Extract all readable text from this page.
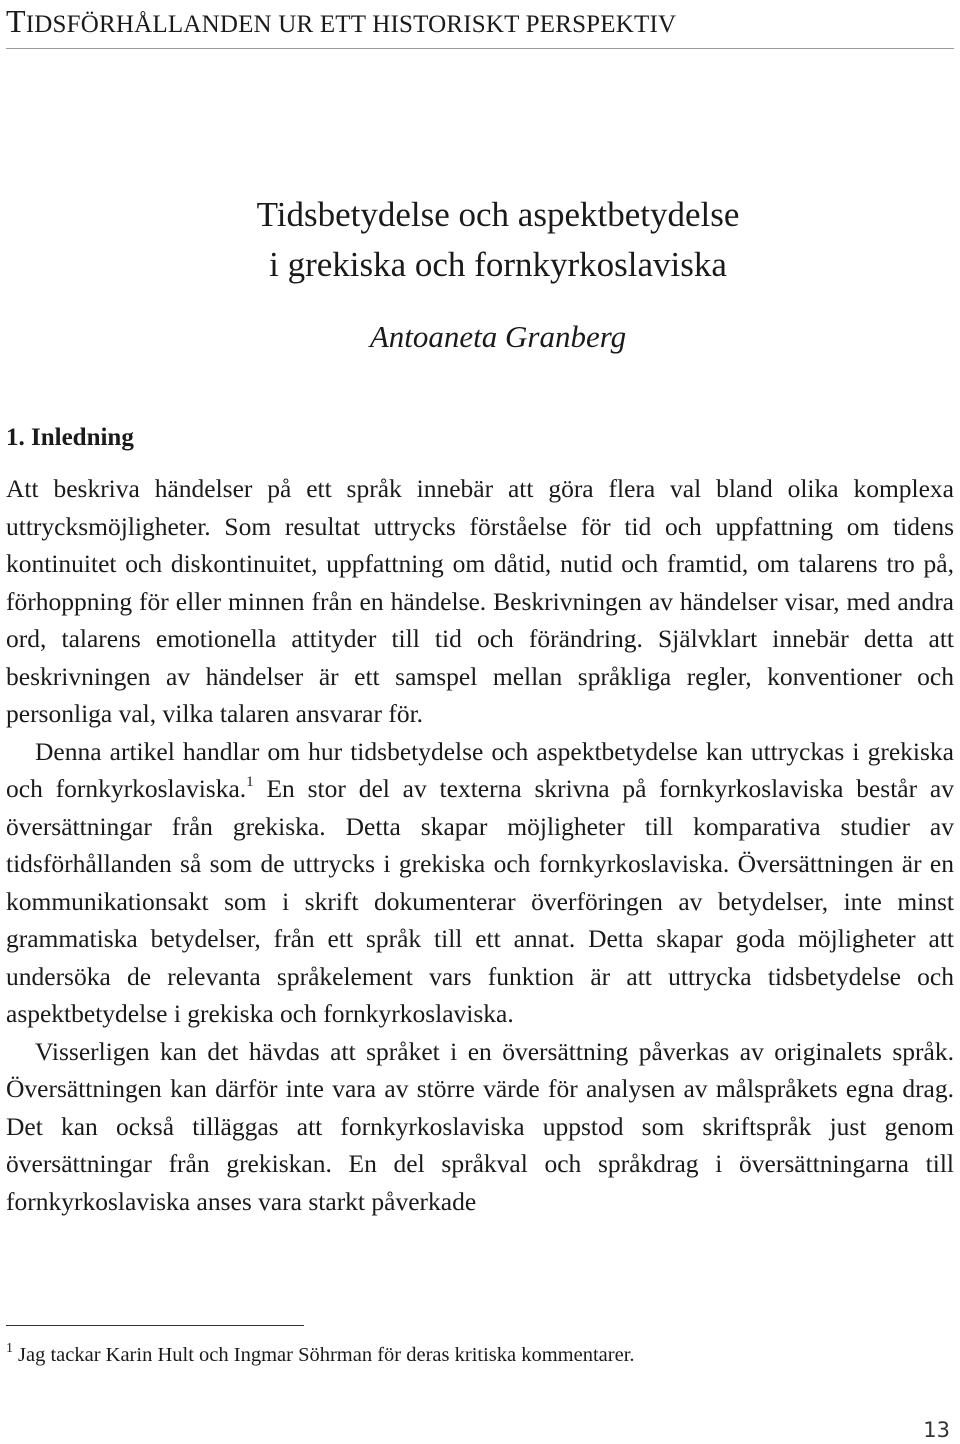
TIDSFÖRHÅLLANDEN UR ETT HISTORISKT PERSPEKTIV
Tidsbetydelse och aspektbetydelse
i grekiska och fornkyrkoslaviska
Antoaneta Granberg
1. Inledning

Att beskriva händelser på ett språk innebär att göra flera val bland olika komplexa uttrycksmöjligheter. Som resultat uttrycks förståelse för tid och uppfattning om tidens kontinuitet och diskontinuitet, uppfattning om dåtid, nutid och framtid, om talarens tro på, förhoppning för eller minnen från en händelse. Beskrivningen av händelser visar, med andra ord, talarens emotionella attityder till tid och förändring. Självklart innebär detta att beskrivningen av händelser är ett samspel mellan språkliga regler, konventioner och personliga val, vilka talaren ansvarar för.

Denna artikel handlar om hur tidsbetydelse och aspektbetydelse kan uttryckas i grekiska och fornkyrkoslaviska.$^1$ En stor del av texterna skrivna på fornkyrkoslaviska består av översättningar från grekiska. Detta skapar möjligheter till komparativa studier av tidsförhållanden så som de uttrycks i grekiska och fornkyrkoslaviska. Översättningen är en kommunikationsakt som i skrift dokumenterar överföringen av betydelser, inte minst grammatiska betydelser, från ett språk till ett annat. Detta skapar goda möjligheter att undersöka de relevanta språkelement vars funktion är att uttrycka tidsbetydelse och aspektbetydelse i grekiska och fornkyrkoslaviska.

Visserligen kan det hävdas att språket i en översättning påverkas av originalets språk. Översättningen kan därför inte vara av större värde för analysen av målspråkets egna drag. Det kan också tilläggas att fornkyrkoslaviska uppstod som skriftspråk just genom översättningar från grekiskan. En del språkval och språkdrag i översättningarna till fornkyrkoslaviska anses vara starkt påverkade

$^1$ Jag tackar Karin Hult och Ingmar Söhrman för deras kritiska kommentarer.
13
